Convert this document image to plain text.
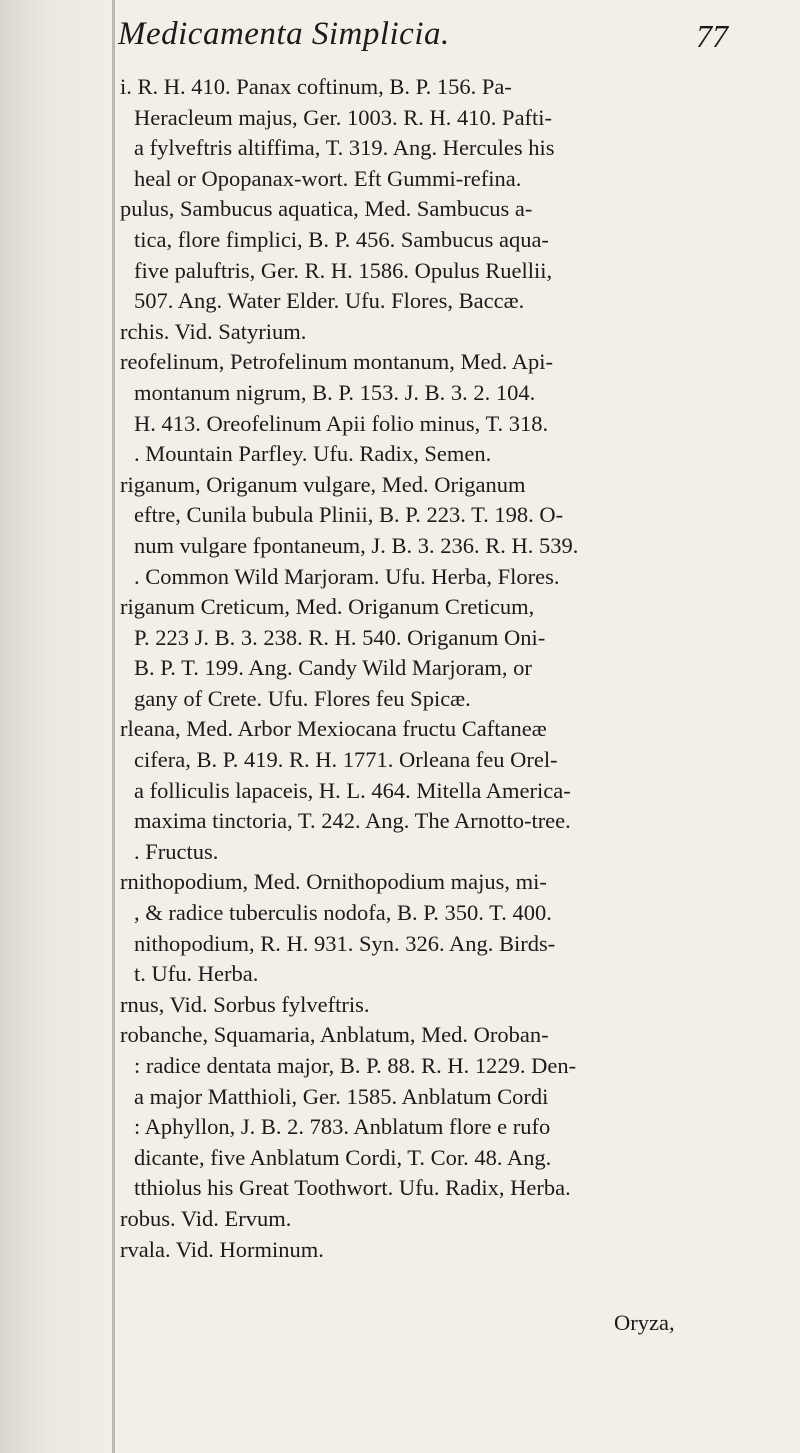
Medicamenta Simplicia.	77
i. R. H. 410. Panax coftinum, B. P. 156. Pa-
Heracleum majus, Ger. 1003. R. H. 410. Pafti-
a fylveftris altiffima, T. 319. Ang. Hercules his
heal or Opopanax-wort. Eft Gummi-refina.
pulus, Sambucus aquatica, Med. Sambucus a-
tica, flore fimplici, B. P. 456. Sambucus aqua-
five paluftris, Ger. R. H. 1586. Opulus Ruellii,
507. Ang. Water Elder. Ufu. Flores, Baccæ.
rchis. Vid. Satyrium.
reofelinum, Petrofelinum montanum, Med. Api-
montanum nigrum, B. P. 153. J. B. 3. 2. 104.
H. 413. Oreofelinum Apii folio minus, T. 318.
. Mountain Parfley. Ufu. Radix, Semen.
riganum, Origanum vulgare, Med. Origanum
eftre, Cunila bubula Plinii, B. P. 223. T. 198. O-
num vulgare fpontaneum, J. B. 3. 236. R. H. 539.
. Common Wild Marjoram. Ufu. Herba, Flores.
riganum Creticum, Med. Origanum Creticum,
P. 223 J. B. 3. 238. R. H. 540. Origanum Oni-
B. P. T. 199. Ang. Candy Wild Marjoram, or
gany of Crete. Ufu. Flores feu Spicæ.
rleana, Med. Arbor Mexiocana fructu Caftaneæ
cifera, B. P. 419. R. H. 1771. Orleana feu Orel-
a folliculis lapaceis, H. L. 464. Mitella America-
maxima tinctoria, T. 242. Ang. The Arnotto-tree.
. Fructus.
rnithopodium, Med. Ornithopodium majus, mi-
, & radice tuberculis nodofa, B. P. 350. T. 400.
nithopodium, R. H. 931. Syn. 326. Ang. Birds-
t. Ufu. Herba.
rnus, Vid. Sorbus fylveftris.
robanche, Squamaria, Anblatum, Med. Oroban-
: radice dentata major, B. P. 88. R. H. 1229. Den-
a major Matthioli, Ger. 1585. Anblatum Cordi
: Aphyllon, J. B. 2. 783. Anblatum flore e rufo
dicante, five Anblatum Cordi, T. Cor. 48. Ang.
tthiolus his Great Toothwort. Ufu. Radix, Herba.
robus. Vid. Ervum.
rvala. Vid. Horminum.
Oryza,
